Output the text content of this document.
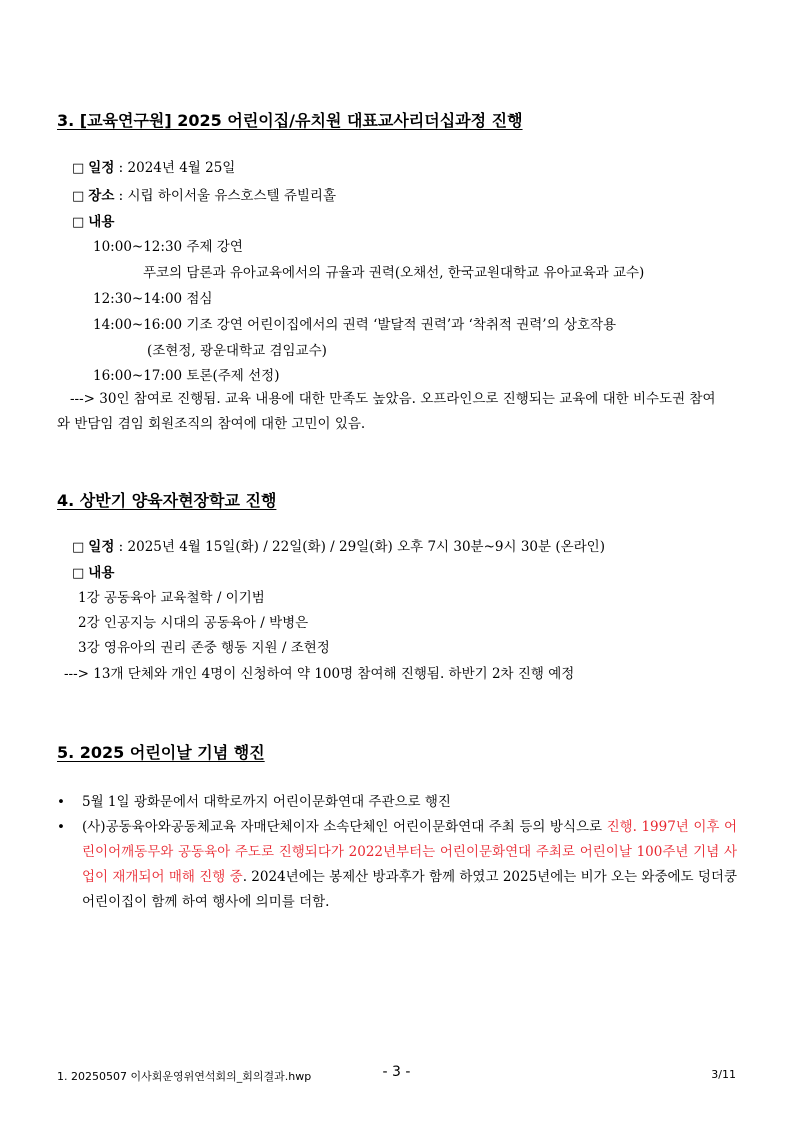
3. [교육연구원] 2025 어린이집/유치원 대표교사리더십과정 진행
□ 일정 : 2024년 4월 25일
□ 장소 : 시립 하이서울 유스호스텔 쥬빌리홀
□ 내용
10:00~12:30 주제 강연
푸코의 담론과 유아교육에서의 규율과 권력(오채선, 한국교원대학교 유아교육과 교수)
12:30~14:00 점심
14:00~16:00 기조 강연 어린이집에서의 권력 ‘발달적 권력’과 ‘착취적 권력’의 상호작용
(조현정, 광운대학교 겸임교수)
16:00~17:00 토론(주제 선정)
---> 30인 참여로 진행됨. 교육 내용에 대한 만족도 높았음. 오프라인으로 진행되는 교육에 대한 비수도권 참여
와 반담임 겸임 회원조직의 참여에 대한 고민이 있음.
4. 상반기 양육자현장학교 진행
□ 일정 : 2025년 4월 15일(화) / 22일(화) / 29일(화) 오후 7시 30분~9시 30분 (온라인)
□ 내용
1강 공동육아 교육철학 / 이기범
2강 인공지능 시대의 공동육아 / 박병은
3강 영유아의 권리 존중 행동 지원 / 조현정
---> 13개 단체와 개인 4명이 신청하여 약 100명 참여해 진행됨. 하반기 2차 진행 예정
5. 2025 어린이날 기념 행진
• 5월 1일 광화문에서 대학로까지 어린이문화연대 주관으로 행진
• (사)공동육아와공동체교육 자매단체이자 소속단체인 어린이문화연대 주최 등의 방식으로 진행. 1997년 이후 어린이어깨동무와 공동육아 주도로 진행되다가 2022년부터는 어린이문화연대 주최로 어린이날 100주년 기념 사업이 재개되어 매해 진행 중. 2024년에는 봉제산 방과후가 함께 하였고 2025년에는 비가 오는 와중에도 덩더쿵어린이집이 함께 하여 행사에 의미를 더함.
1. 20250507 이사회운영위연석회의_회의결과.hwp	- 3 -	3/11
